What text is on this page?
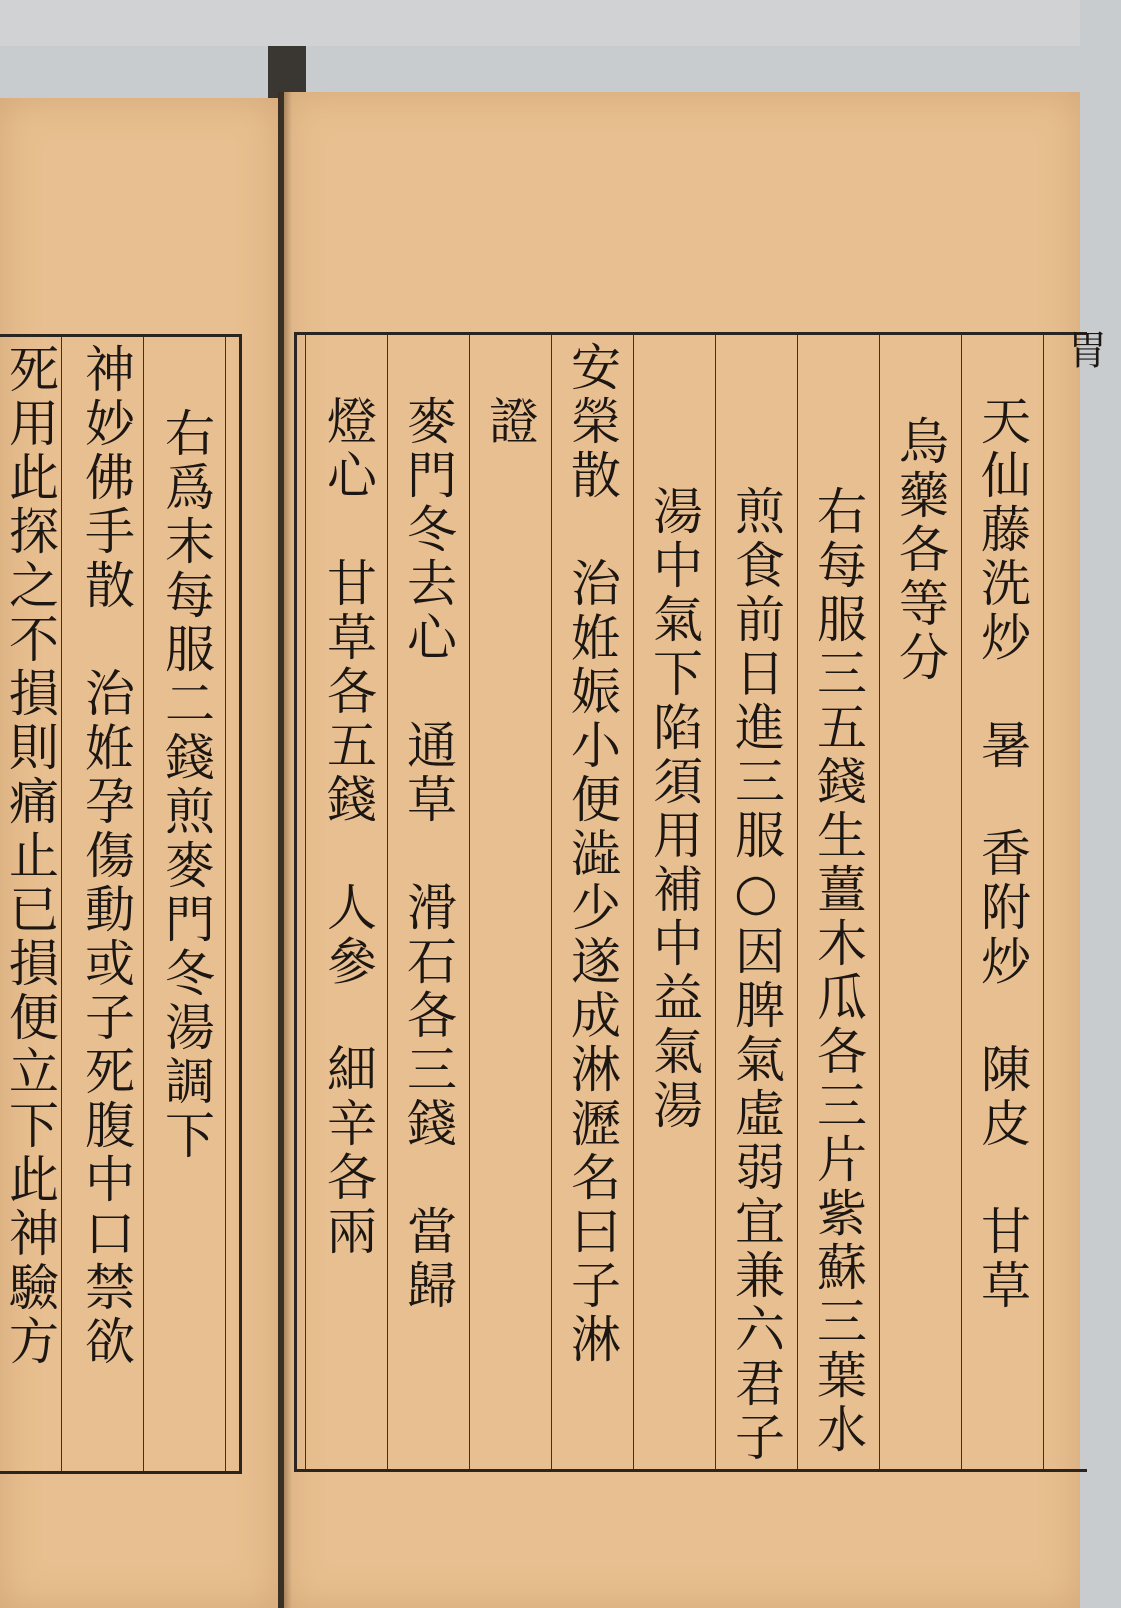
死用此探之不損則痛止已損便立下此神驗方 神妙佛手散　治姙孕傷動或子死腹中口禁欲 右爲末每服二錢煎麥門冬湯調下
胃
天仙藤洗炒　暑　香附炒　陳皮　甘草
烏藥各等分
右每服三五錢生薑木瓜各三片紫蘇三葉水
煎食前日進三服○因脾氣虛弱宜兼六君子
湯中氣下陷須用補中益氣湯
安榮散　治姙娠小便澁少遂成淋瀝名曰子淋
證
麥門冬去心　通草　滑石各三錢　當歸
燈心　甘草各五錢　人參　細辛各兩
